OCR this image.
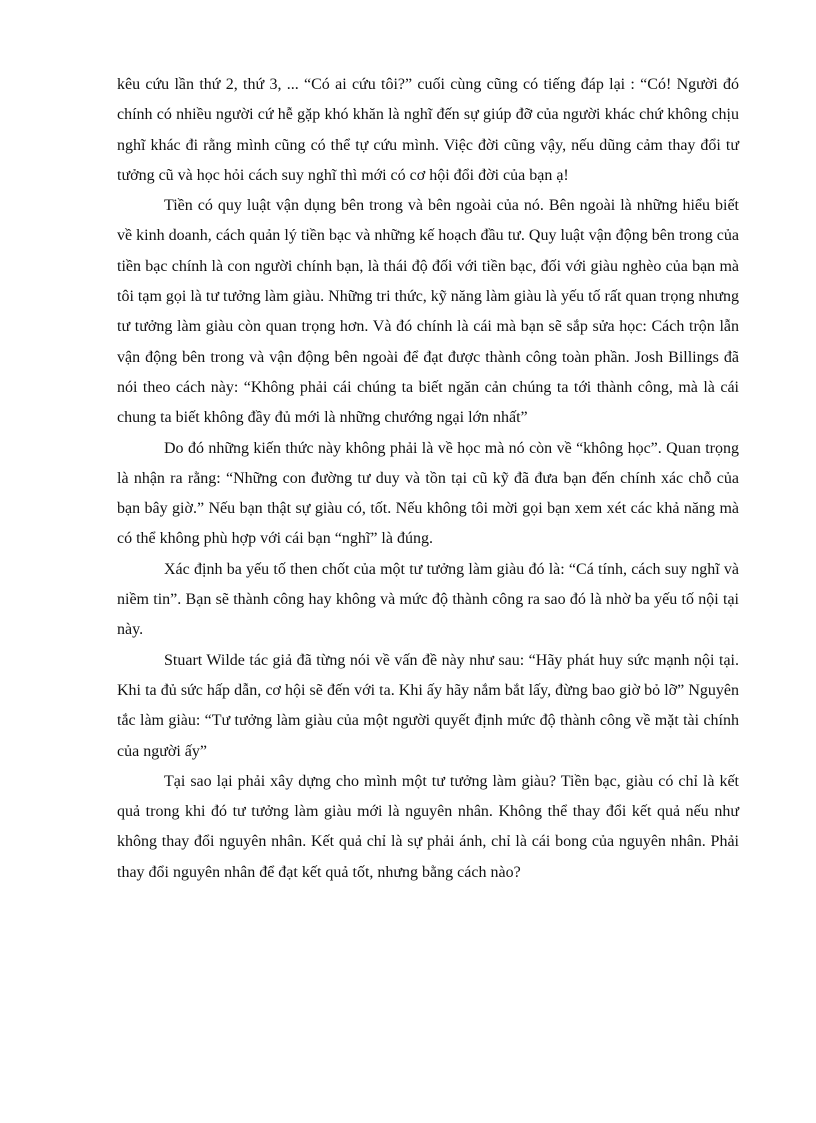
kêu cứu lần thứ 2, thứ 3, ... “Có ai cứu tôi?” cuối cùng cũng có tiếng đáp lại : “Có! Người đó chính có nhiều người cứ hễ gặp khó khăn là nghĩ đến sự giúp đỡ của người khác chứ không chịu nghĩ khác đi rằng mình cũng có thể tự cứu mình. Việc đời cũng vậy, nếu dũng cảm thay đổi tư tưởng cũ và học hỏi cách suy nghĩ thì mới có cơ hội đổi đời của bạn ạ!

Tiền có quy luật vận dụng bên trong và bên ngoài của nó. Bên ngoài là những hiểu biết về kinh doanh, cách quản lý tiền bạc và những kế hoạch đầu tư. Quy luật vận động bên trong của tiền bạc chính là con người chính bạn, là thái độ đối với tiền bạc, đối với giàu nghèo của bạn mà tôi tạm gọi là tư tưởng làm giàu. Những tri thức, kỹ năng làm giàu là yếu tố rất quan trọng nhưng tư tưởng làm giàu còn quan trọng hơn. Và đó chính là cái mà bạn sẽ sắp sửa học: Cách trộn lẫn vận động bên trong và vận động bên ngoài để đạt được thành công toàn phần. Josh Billings đã nói theo cách này: “Không phải cái chúng ta biết ngăn cản chúng ta tới thành công, mà là cái chung ta biết không đầy đủ mới là những chướng ngại lớn nhất”

Do đó những kiến thức này không phải là về học mà nó còn về “không học”. Quan trọng là nhận ra rằng: “Những con đường tư duy và tồn tại cũ kỹ đã đưa bạn đến chính xác chỗ của bạn bây giờ.” Nếu bạn thật sự giàu có, tốt. Nếu không tôi mời gọi bạn xem xét các khả năng mà có thể không phù hợp với cái bạn “nghĩ” là đúng.

Xác định ba yếu tố then chốt của một tư tưởng làm giàu đó là: “Cá tính, cách suy nghĩ và niềm tin”. Bạn sẽ thành công hay không và mức độ thành công ra sao đó là nhờ ba yếu tố nội tại này.

Stuart Wilde tác giả đã từng nói về vấn đề này như sau: “Hãy phát huy sức mạnh nội tại. Khi ta đủ sức hấp dẫn, cơ hội sẽ đến với ta. Khi ấy hãy nắm bắt lấy, đừng bao giờ bỏ lỡ” Nguyên tắc làm giàu: “Tư tưởng làm giàu của một người quyết định mức độ thành công về mặt tài chính của người ấy”

Tại sao lại phải xây dựng cho mình một tư tưởng làm giàu? Tiền bạc, giàu có chỉ là kết quả trong khi đó tư tưởng làm giàu mới là nguyên nhân. Không thể thay đổi kết quả nếu như không thay đổi nguyên nhân. Kết quả chỉ là sự phải ánh, chỉ là cái bong của nguyên nhân. Phải thay đổi nguyên nhân để đạt kết quả tốt, nhưng bằng cách nào?
